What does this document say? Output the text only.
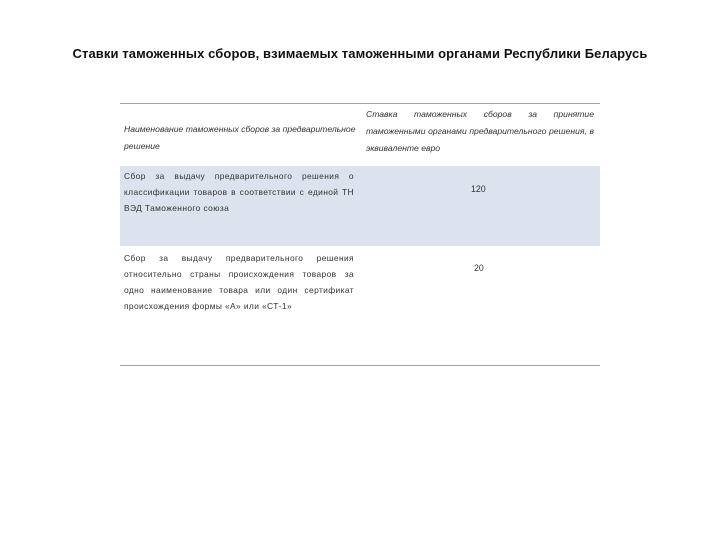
Ставки таможенных сборов, взимаемых таможенными органами Республики Беларусь
Наименование таможенных сборов за предварительное решение
Ставка таможенных сборов за принятие таможенными органами предварительного решения, в эквиваленте евро
Сбор за выдачу предварительного решения о классификации товаров в соответствии с единой ТН ВЭД Таможенного союза
120
Сбор за выдачу предварительного решения относительно страны происхождения товаров за одно наименование товара или один сертификат происхождения формы «А» или «СТ-1»
20
